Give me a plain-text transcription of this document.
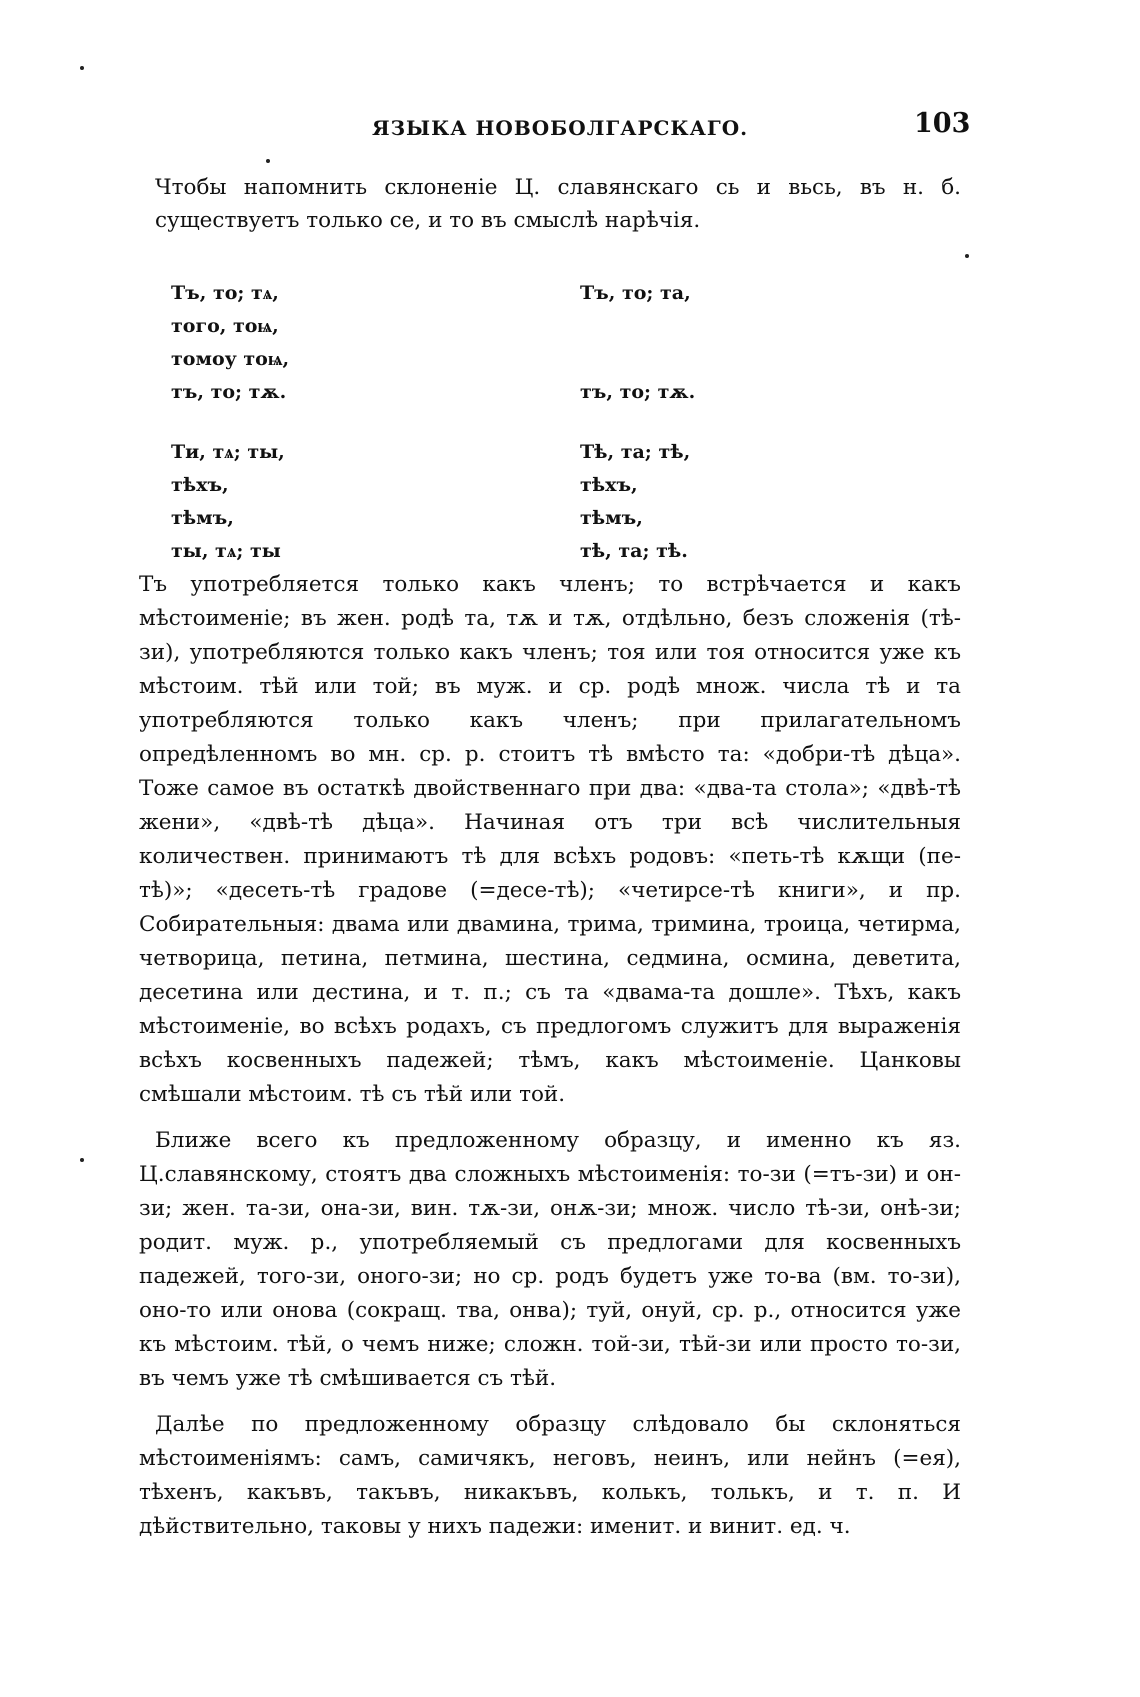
ЯЗЫКА НОВОБОЛГАРСКАГО.	103
Чтобы напомнить склоненіе Ц. славянскаго сь и вьсь, въ н. б. существуетъ только се, и то въ смыслѣ нарѣчія.
Тъ, то; тѧ,	Тъ, то; та,
того, тоѩ,
томоу тоѩ,
тъ, то; тѫ.	тъ, то; тѫ.
Ти, тѧ; ты,	Тѣ, та; тѣ,
тѣхъ,	тѣхъ,
тѣмъ,	тѣмъ,
ты, тѧ; ты	тѣ, та; тѣ.

Тъ употребляется только какъ членъ; то встрѣчается и какъ мѣстоименіе; въ жен. родѣ та, тѫ и тѫ, отдѣльно, безъ сложенія (тѣ-зи), употребляются только какъ членъ; тоя или тоя относится уже къ мѣстоим. тѣй или той; въ муж. и ср. родѣ множ. числа тѣ и та употребляются только какъ членъ; при прилагательномъ опредѣленномъ во мн. ср. р. стоитъ тѣ вмѣсто та: «добри-тѣ дѣца». Тоже самое въ остаткѣ двойственнаго при два: «два-та стола»; «двѣ-тѣ жени», «двѣ-тѣ дѣца». Начиная отъ три всѣ числительныя количествен. принимаютъ тѣ для всѣхъ родовъ: «петь-тѣ кѫщи (пе-тѣ)»; «десеть-тѣ градове (=десе-тѣ); «четирсе-тѣ книги», и пр. Собирательныя: двама или двамина, трима, тримина, троица, четирма, четворица, петина, петмина, шестина, седмина, осмина, деветита, десетина или дестина, и т. п.; съ та «двама-та дошле». Тѣхъ, какъ мѣстоименіе, во всѣхъ родахъ, съ предлогомъ служитъ для выраженія всѣхъ косвенныхъ падежей; тѣмъ, какъ мѣстоименіе. Цанковы смѣшали мѣстоим. тѣ съ тѣй или той.

Ближе всего къ предложенному образцу, и именно къ яз. Ц.славянскому, стоятъ два сложныхъ мѣстоименія: то-зи (=тъ-зи) и он-зи; жен. та-зи, она-зи, вин. тѫ-зи, онѫ-зи; множ. число тѣ-зи, онѣ-зи; родит. муж. р., употребляемый съ предлогами для косвенныхъ падежей, того-зи, оного-зи; но ср. родъ будетъ уже то-ва (вм. то-зи), оно-то или онова (сокращ. тва, онва); туй, онуй, ср. р., относится уже къ мѣстоим. тѣй, о чемъ ниже; сложн. той-зи, тѣй-зи или просто то-зи, въ чемъ уже тѣ смѣшивается съ тѣй.

Далѣе по предложенному образцу слѣдовало бы склоняться мѣстоименіямъ: самъ, самичякъ, неговъ, неинъ, или нейнъ (=ея), тѣхенъ, какъвъ, такъвъ, никакъвъ, колькъ, толькъ, и т. п. И дѣйствительно, таковы у нихъ падежи: именит. и винит. ед. ч.
